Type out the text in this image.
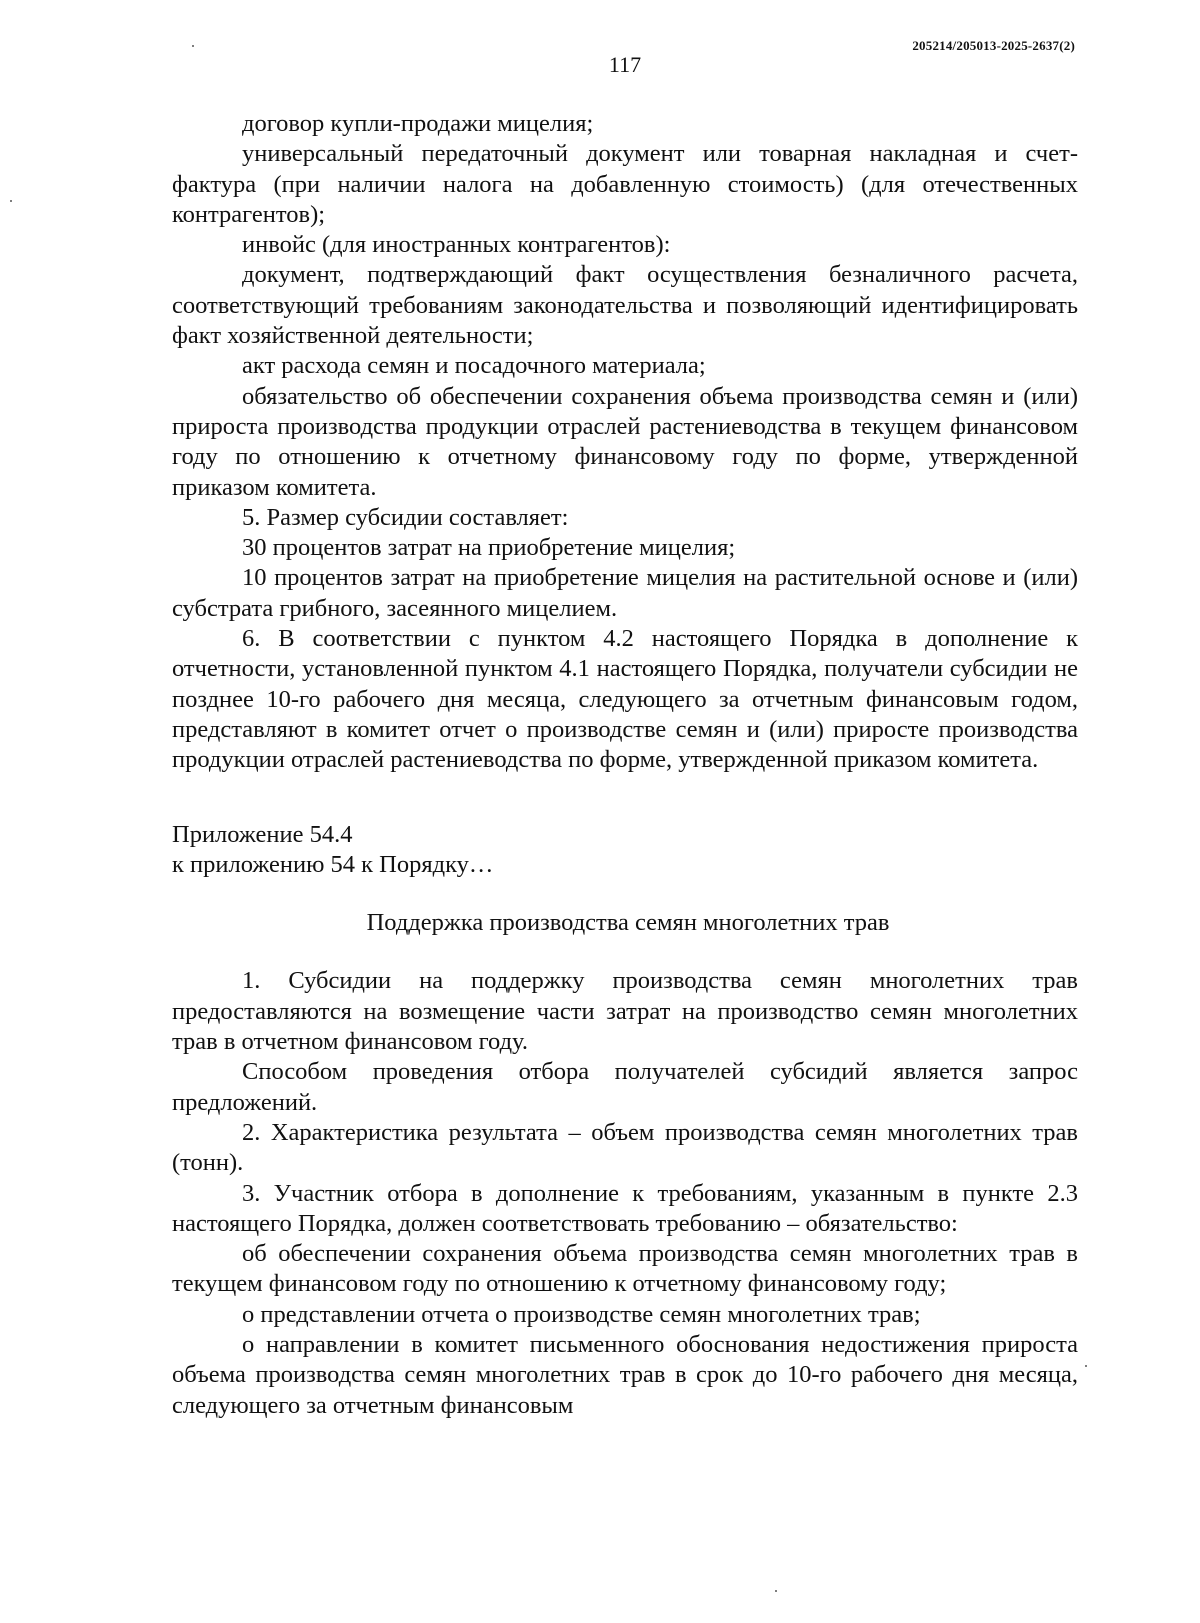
205214/205013-2025-2637(2)
117

договор купли-продажи мицелия;

универсальный передаточный документ или товарная накладная и счет-фактура (при наличии налога на добавленную стоимость) (для отечественных контрагентов);

инвойс (для иностранных контрагентов):

документ, подтверждающий факт осуществления безналичного расчета, соответствующий требованиям законодательства и позволяющий идентифицировать факт хозяйственной деятельности;

акт расхода семян и посадочного материала;

обязательство об обеспечении сохранения объема производства семян и (или) прироста производства продукции отраслей растениеводства в текущем финансовом году по отношению к отчетному финансовому году по форме, утвержденной приказом комитета.

5. Размер субсидии составляет:

30 процентов затрат на приобретение мицелия;

10 процентов затрат на приобретение мицелия на растительной основе и (или) субстрата грибного, засеянного мицелием.

6. В соответствии с пунктом 4.2 настоящего Порядка в дополнение к отчетности, установленной пунктом 4.1 настоящего Порядка, получатели субсидии не позднее 10-го рабочего дня месяца, следующего за отчетным финансовым годом, представляют в комитет отчет о производстве семян и (или) приросте производства продукции отраслей растениеводства по форме, утвержденной приказом комитета.

Приложение 54.4

к приложению 54 к Порядку…

Поддержка производства семян многолетних трав

1. Субсидии на поддержку производства семян многолетних трав предоставляются на возмещение части затрат на производство семян многолетних трав в отчетном финансовом году.

Способом проведения отбора получателей субсидий является запрос предложений.

2. Характеристика результата – объем производства семян многолетних трав (тонн).

3. Участник отбора в дополнение к требованиям, указанным в пункте 2.3 настоящего Порядка, должен соответствовать требованию – обязательство:

об обеспечении сохранения объема производства семян многолетних трав в текущем финансовом году по отношению к отчетному финансовому году;

о представлении отчета о производстве семян многолетних трав;

о направлении в комитет письменного обоснования недостижения прироста объема производства семян многолетних трав в срок до 10-го рабочего дня месяца, следующего за отчетным финансовым
